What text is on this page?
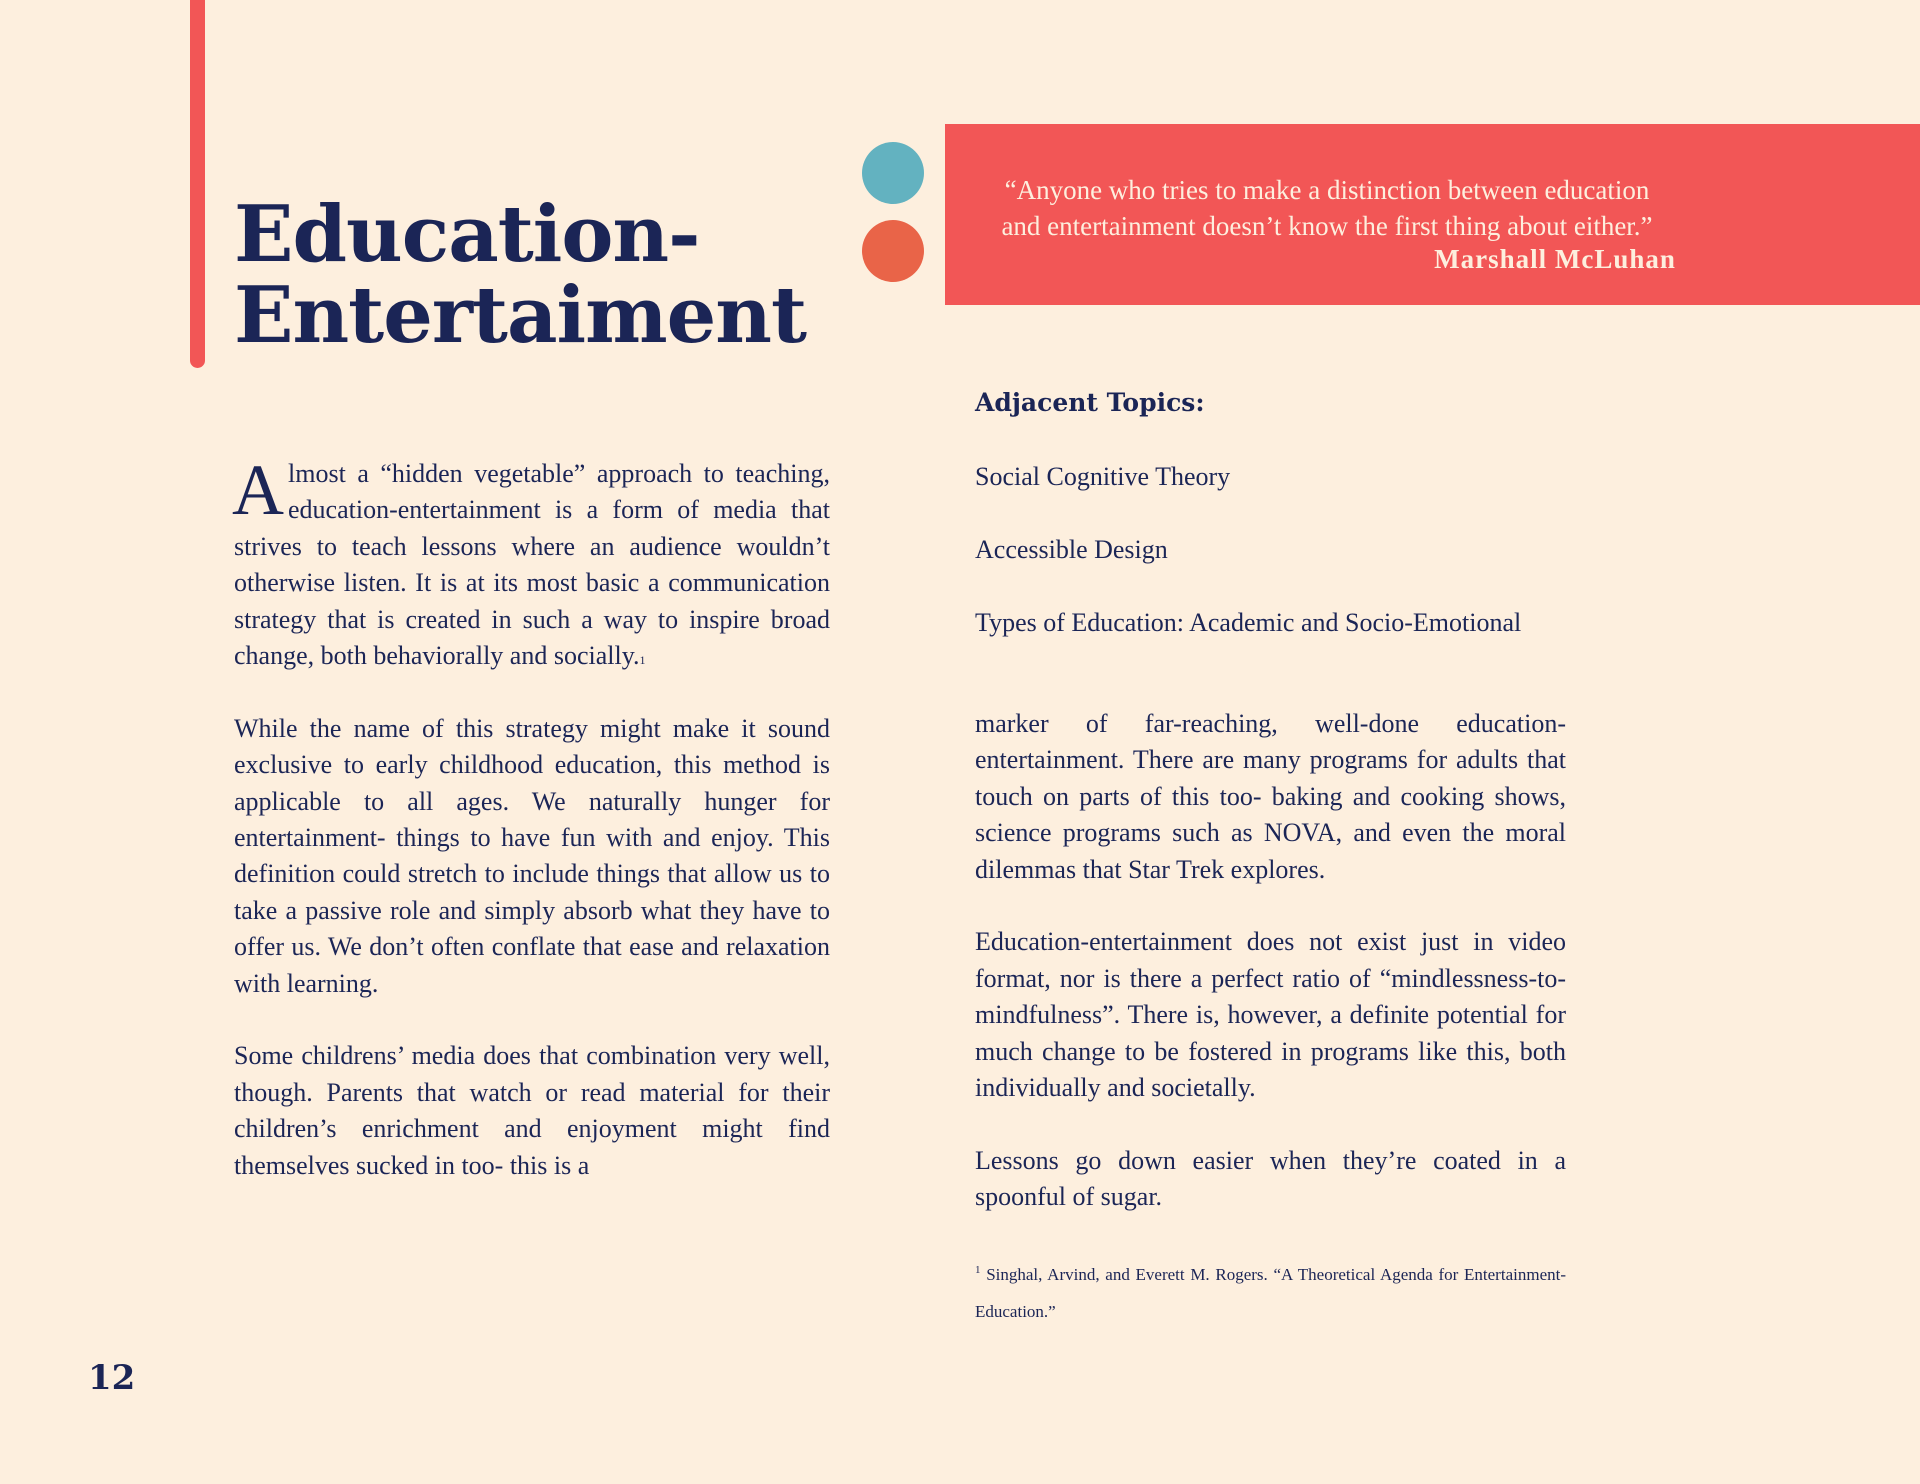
Education-
Entertaiment
“Anyone who tries to make a distinction between education
and entertainment doesn’t know the first thing about either.”
Marshall McLuhan

Almost a “hidden vegetable” approach to teaching, education-entertainment is a form of media that strives to teach lessons where an audience wouldn’t otherwise listen. It is at its most basic a communication strategy that is created in such a way to inspire broad change, both behaviorally and socially.$^1$

While the name of this strategy might make it sound exclusive to early childhood education, this method is applicable to all ages. We naturally hunger for entertainment- things to have fun with and enjoy. This definition could stretch to include things that allow us to take a passive role and simply absorb what they have to offer us. We don’t often conflate that ease and relaxation with learning.

Some childrens’ media does that combination very well, though. Parents that watch or read material for their children’s enrichment and enjoyment might find themselves sucked in too- this is a

Adjacent Topics:
Social Cognitive Theory
Accessible Design
Types of Education: Academic and Socio-Emotional

marker of far-reaching, well-done education-entertainment. There are many programs for adults that touch on parts of this too- baking and cooking shows, science programs such as NOVA, and even the moral dilemmas that Star Trek explores.

Education-entertainment does not exist just in video format, nor is there a perfect ratio of “mindlessness-to-mindfulness”. There is, however, a definite potential for much change to be fostered in programs like this, both individually and societally.

Lessons go down easier when they’re coated in a spoonful of sugar.

$^1$ Singhal, Arvind, and Everett M. Rogers. “A Theoretical Agenda for Entertainment-Education.”
12
